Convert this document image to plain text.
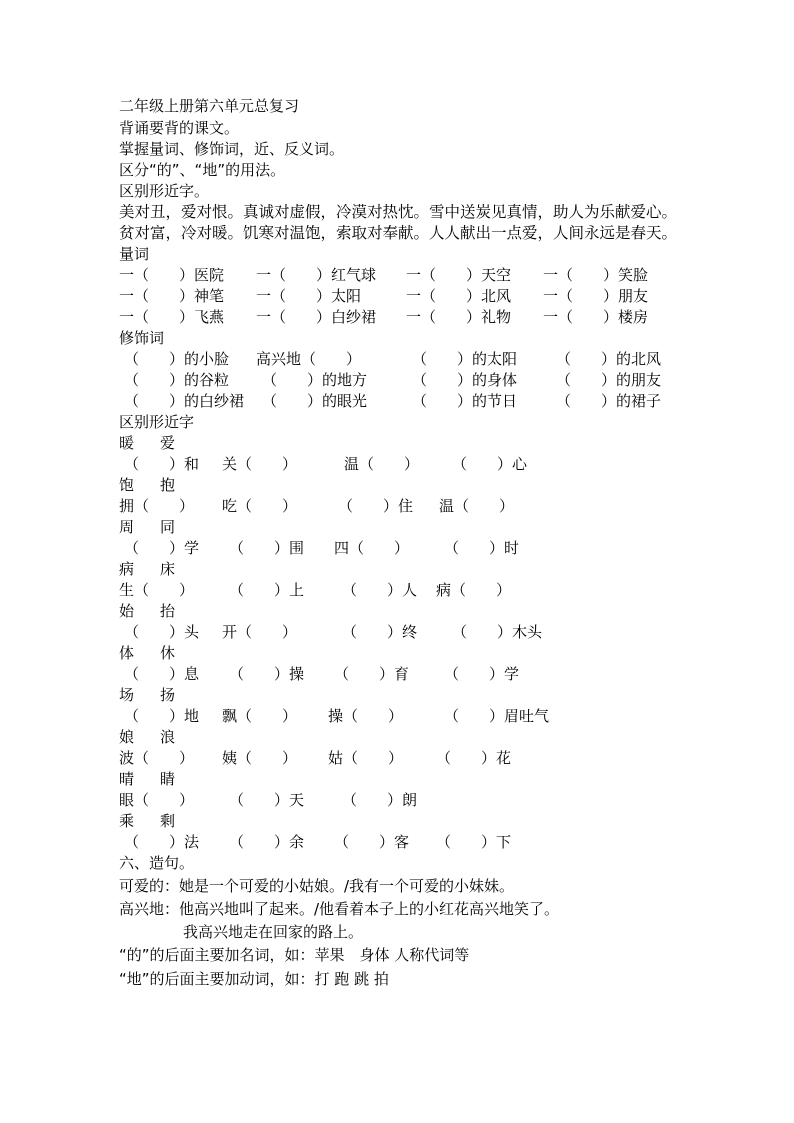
二年级上册第六单元总复习
背诵要背的课文。
掌握量词、修饰词，近、反义词。
区分“的”、“地”的用法。
区别形近字。
美对丑，爱对恨。真诚对虚假，冷漠对热忱。雪中送炭见真情，助人为乐献爱心。
贫对富，冷对暖。饥寒对温饱，索取对奉献。人人献出一点爱，人间永远是春天。
量词
一（　　）医院 一（　　）红气球 一（　　）天空 一（　　）笑脸
一（　　）神笔 一（　　）太阳	一（　　）北风 一（　　）朋友
一（　　）飞燕 一（　　）白纱裙 一（　　）礼物 一（　　）楼房
修饰词
（　　）的小脸 高兴地（　　）	（　　）的太阳	（　　）的北风
（　　）的谷粒 （　　）的地方	（　　）的身体	（　　）的朋友
（　　）的白纱裙 （　　）的眼光	（　　）的节日	（　　）的裙子
区别形近字
暖 爱
（　　）和 关（　　）	温（　　） （　　）心
饱 抱
拥（　　） 吃（　　）	（　　）住 温（　　）
周 同
（　　）学 （　　）围 四（　　） （　　）时
病 床
生（　　） （　　）上	（　　）人 病（　　）
始 抬
（　　）头 开（　　）	（　　）终 （　　）木头
体 休
（　　）息 （　　）操 （　　）育 （　　）学
场 扬
（　　）地 飘（　　） 操（　　）	（　　）眉吐气
娘 浪
波（　　） 姨（　　） 姑（　　） （　　）花
晴 睛
眼（　　） （　　）天	（　　）朗
乘 剩
（　　）法 （　　）余 （　　）客 （　　）下
六、造句。
可爱的：她是一个可爱的小姑娘。/我有一个可爱的小妹妹。
高兴地：他高兴地叫了起来。/他看着本子上的小红花高兴地笑了。
我高兴地走在回家的路上。
“的”的后面主要加名词，如：苹果　身体 人称代词等
“地”的后面主要加动词，如：打 跑 跳 拍
